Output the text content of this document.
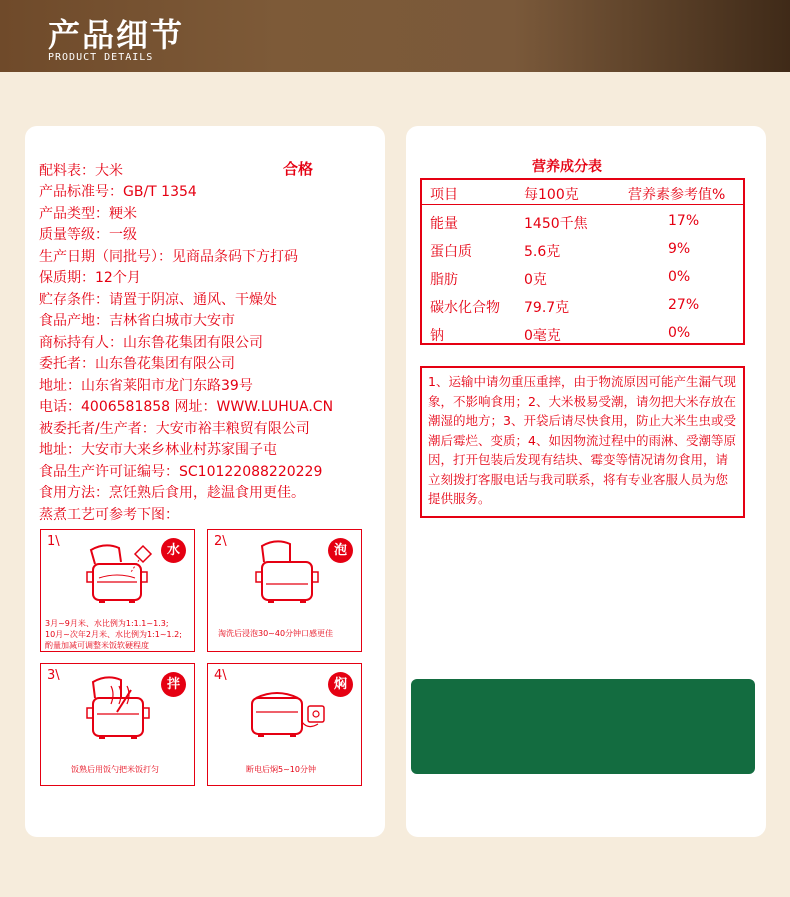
产品细节
PRODUCT DETAILS
配料表：大米
产品标准号：GB/T 1354
产品类型：粳米
质量等级：一级
生产日期（同批号）：见商品条码下方打码
保质期：12个月
贮存条件：请置于阴凉、通风、干燥处
食品产地：吉林省白城市大安市
商标持有人：山东鲁花集团有限公司
委托者：山东鲁花集团有限公司
地址：山东省莱阳市龙门东路39号
电话：4006581858 网址：WWW.LUHUA.CN
被委托者/生产者：大安市裕丰粮贸有限公司
地址：大安市大来乡林业村苏家围子屯
食品生产许可证编号：SC10122088220229
食用方法：烹饪熟后食用，趁温食用更佳。
蒸煮工艺可参考下图：
合格
1\
水
3月~9月米、水比例为1:1.1~1.3;
10月~次年2月米、水比例为1:1~1.2;
酌量加减可调整米饭软硬程度
2\
泡
淘洗后浸泡30~40分钟口感更佳
3\
拌
饭熟后用饭勺把米饭打匀
4\
焖
断电后焖5~10分钟
营养成分表
项目	每100克	营养素参考值%
能量	1450千焦	17%
蛋白质	5.6克	9%
脂肪	0克	0%
碳水化合物 79.7克	27%
钠	0毫克	0%
1、运输中请勿重压重摔，由于物流原因可能产生漏气现象，不影响食用；2、大米极易受潮，请勿把大米存放在潮湿的地方；3、开袋后请尽快食用，防止大米生虫或受潮后霉烂、变质；4、如因物流过程中的雨淋、受潮等原因，打开包装后发现有结块、霉变等情况请勿食用，请立刻拨打客服电话与我司联系，将有专业客服人员为您提供服务。
